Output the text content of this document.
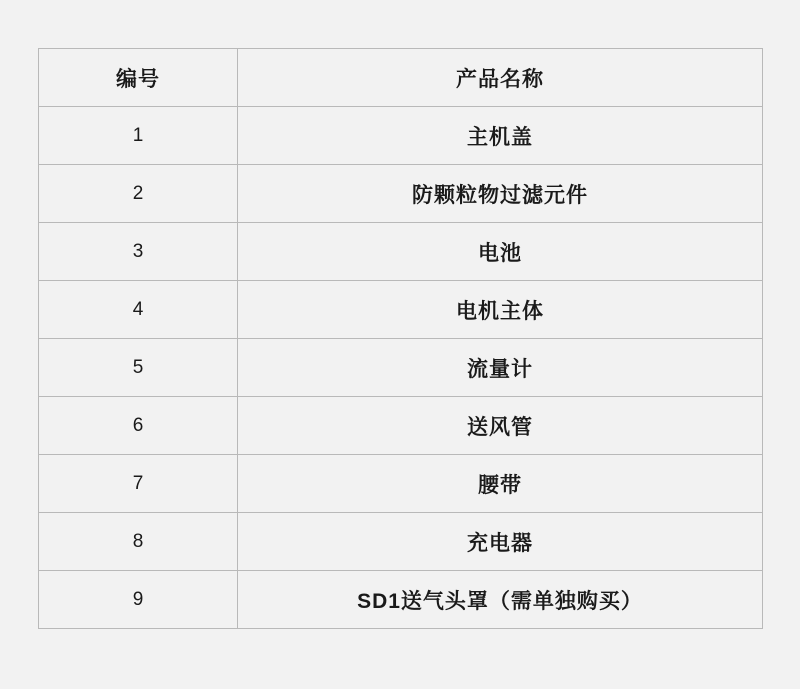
编号	产品名称
1	主机盖
2	防颗粒物过滤元件
3	电池
4	电机主体
5	流量计
6	送风管
7	腰带
8	充电器
9	SD1送气头罩（需单独购买）
